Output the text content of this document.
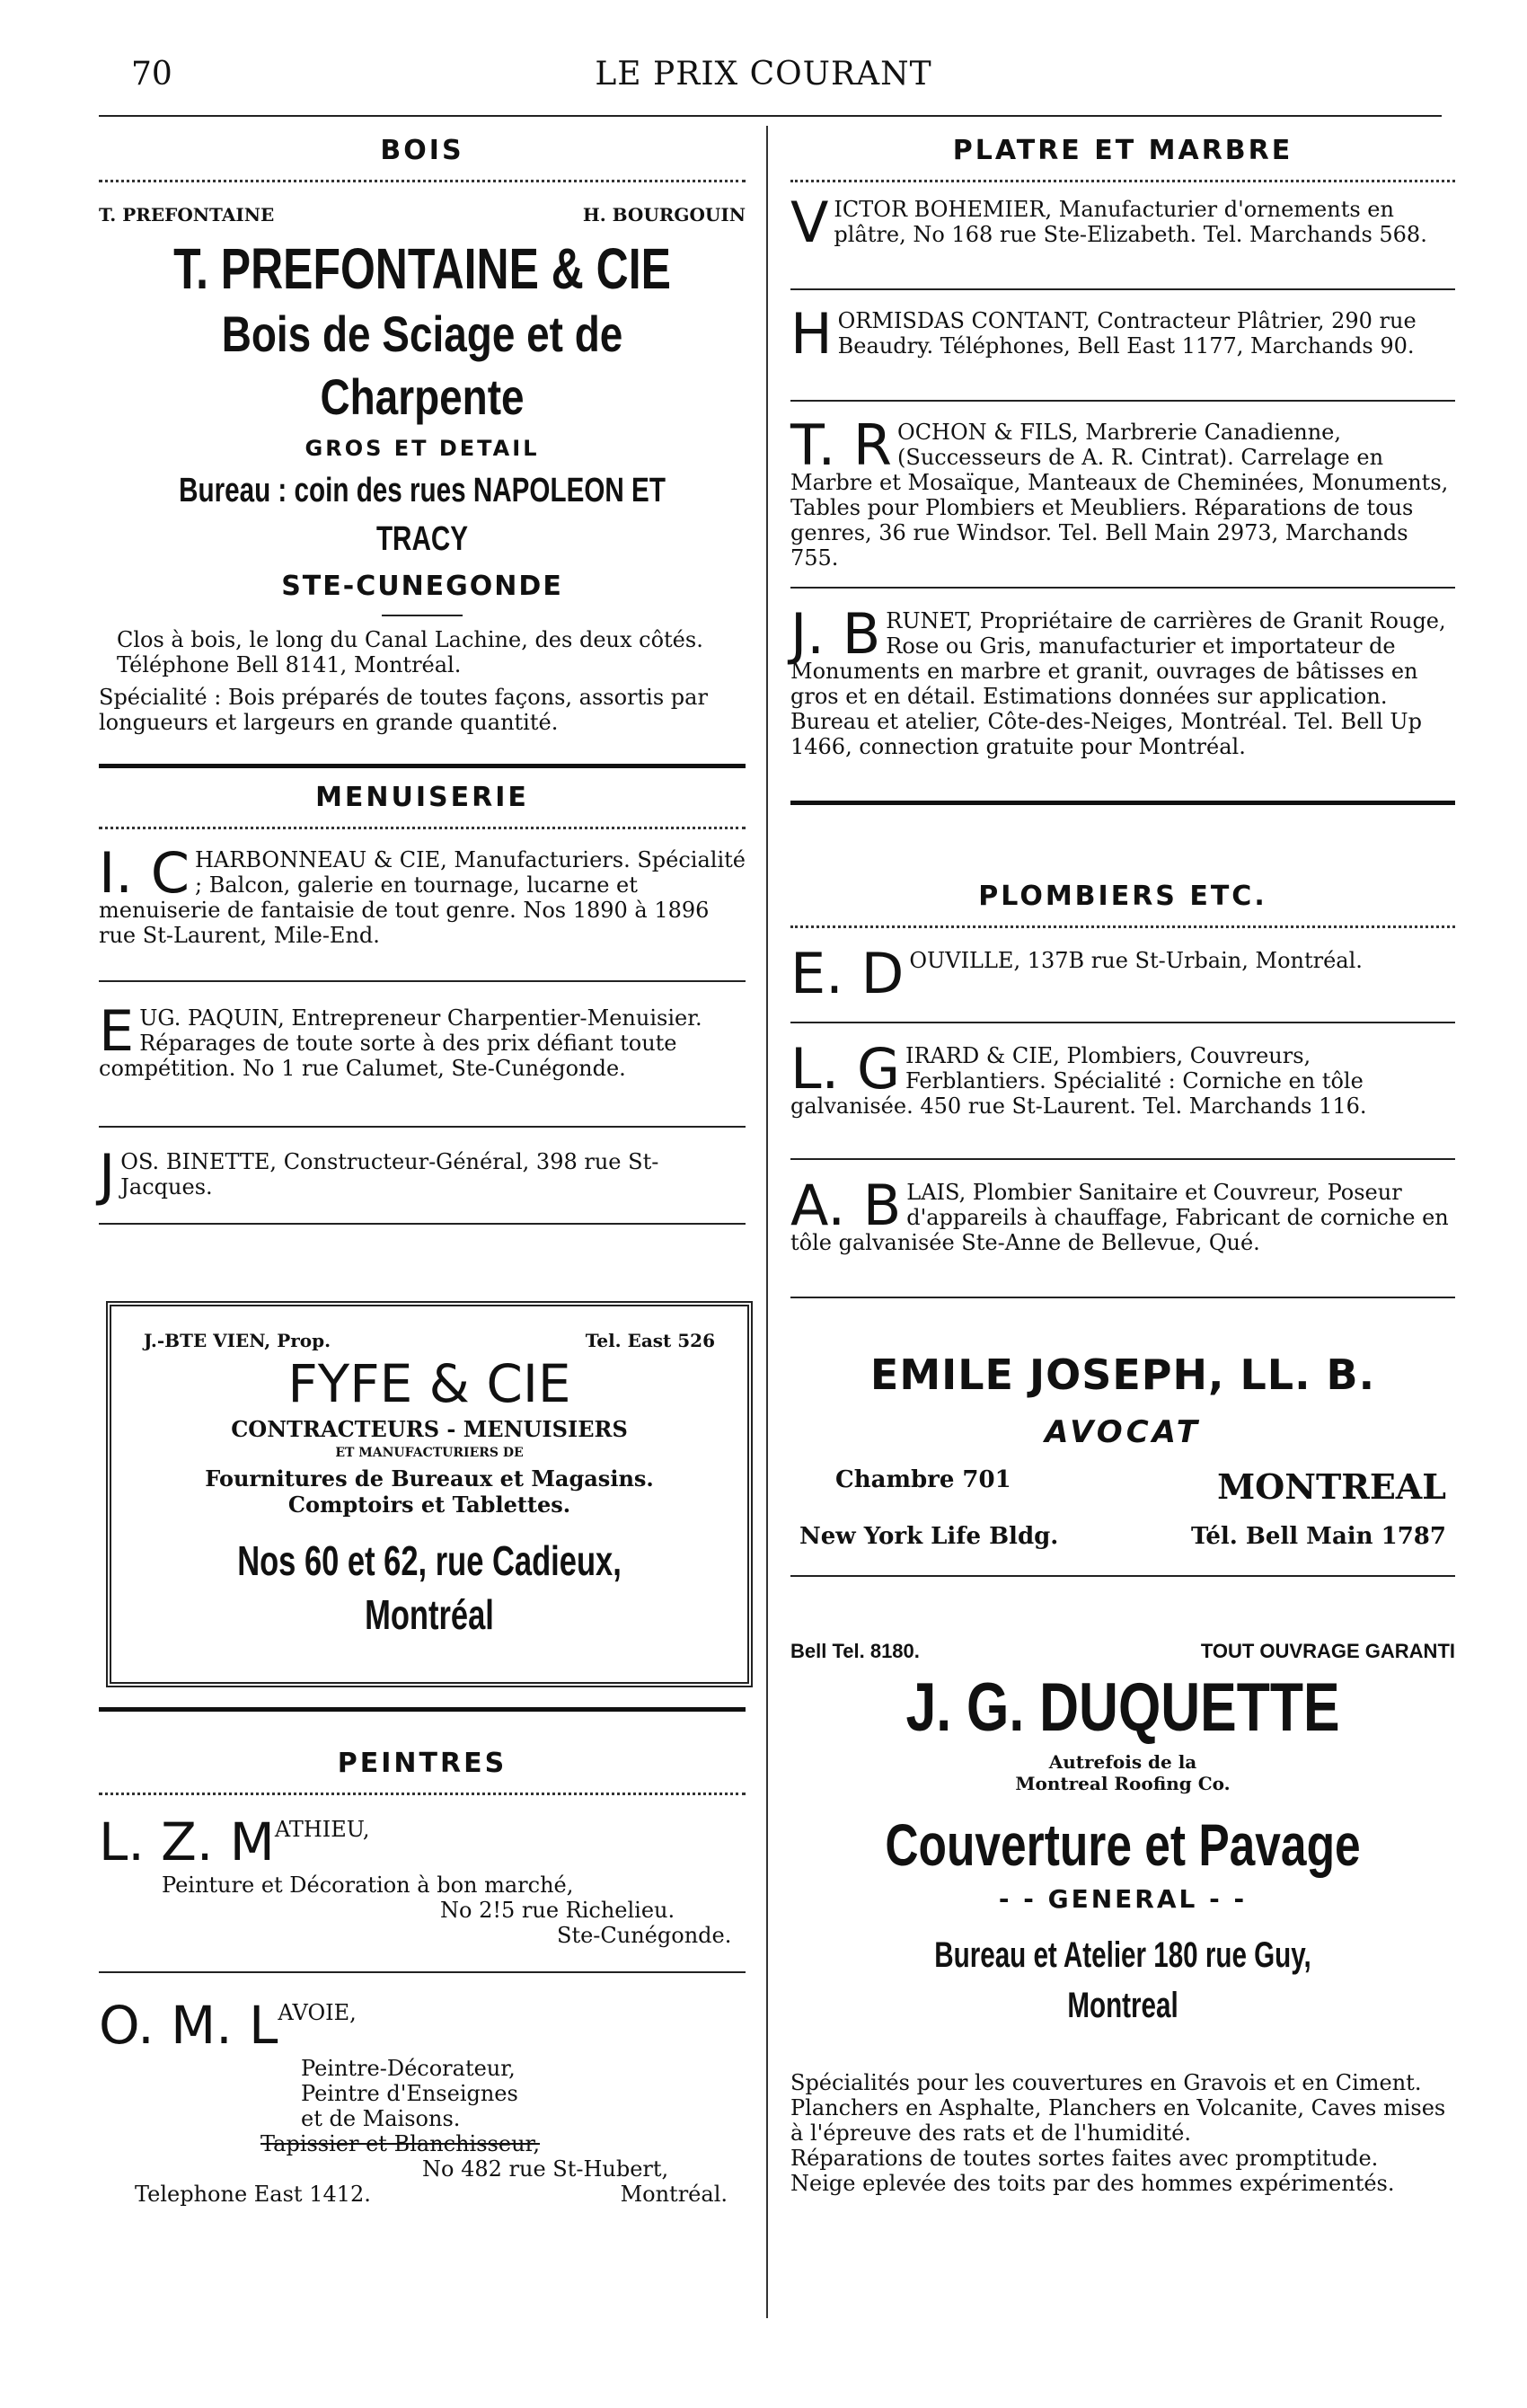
70	LE PRIX COURANT
BOIS
T. PREFONTAINE	H. BOURGOUIN
T. PREFONTAINE & CIE
Bois de Sciage et de Charpente
GROS ET DETAIL
Bureau : coin des rues NAPOLEON ET TRACY
STE-CUNEGONDE
Clos à bois, le long du Canal Lachine, des deux côtés. Téléphone Bell 8141, Montréal.
Spécialité : Bois préparés de toutes façons, assortis par longueurs et largeurs en grande quantité.
MENUISERIE
I. C HARBONNEAU & CIE, Manufacturiers. Spécialité ; Balcon, galerie en tournage, lucarne et menuiserie de fantaisie de tout genre. Nos 1890 à 1896 rue St-Laurent, Mile-End.
E UG. PAQUIN, Entrepreneur Charpentier-Menuisier. Réparages de toute sorte à des prix défiant toute compétition. No 1 rue Calumet, Ste-Cunégonde.
J OS. BINETTE, Constructeur-Général, 398 rue St-Jacques.
J.-BTE VIEN, Prop.	Tel. East 526
FYFE & CIE
CONTRACTEURS - MENUISIERS
ET MANUFACTURIERS DE
Fournitures de Bureaux et Magasins.
Comptoirs et Tablettes.
Nos 60 et 62, rue Cadieux, Montréal
PEINTRES
L. Z. MATHIEU,
Peinture et Décoration à bon marché,
No 2!5 rue Richelieu.
Ste-Cunégonde.
O. M. LAVOIE,
Peintre-Décorateur,
Peintre d'Enseignes
et de Maisons.
Tapissier et Blanchisseur,
No 482 rue St-Hubert,
Telephone East 1412.	Montréal.
PLATRE ET MARBRE
V ICTOR BOHEMIER, Manufacturier d'ornements en plâtre, No 168 rue Ste-Elizabeth. Tel. Marchands 568.
H ORMISDAS CONTANT, Contracteur Plâtrier, 290 rue Beaudry. Téléphones, Bell East 1177, Marchands 90.
T. R OCHON & FILS, Marbrerie Canadienne, (Successeurs de A. R. Cintrat). Carrelage en Marbre et Mosaïque, Manteaux de Cheminées, Monuments, Tables pour Plombiers et Meubliers. Réparations de tous genres, 36 rue Windsor. Tel. Bell Main 2973, Marchands 755.
J. B RUNET, Propriétaire de carrières de Granit Rouge, Rose ou Gris, manufacturier et importateur de Monuments en marbre et granit, ouvrages de bâtisses en gros et en détail. Estimations données sur application. Bureau et atelier, Côte-des-Neiges, Montréal. Tel. Bell Up 1466, connection gratuite pour Montréal.
PLOMBIERS ETC.
E. D OUVILLE, 137B rue St-Urbain, Montréal.
L. G IRARD & CIE, Plombiers, Couvreurs, Ferblantiers. Spécialité : Corniche en tôle galvanisée. 450 rue St-Laurent. Tel. Marchands 116.
A. B LAIS, Plombier Sanitaire et Couvreur, Poseur d'appareils à chauffage, Fabricant de corniche en tôle galvanisée Ste-Anne de Bellevue, Qué.
EMILE JOSEPH, LL. B.
AVOCAT
Chambre 701	MONTREAL
New York Life Bldg.	Tél. Bell Main 1787
Bell Tel. 8180.	TOUT OUVRAGE GARANTI
J. G. DUQUETTE
Autrefois de la
Montreal Roofing Co.
Couverture et Pavage
- - GENERAL - -
Bureau et Atelier 180 rue Guy, Montreal
Spécialités pour les couvertures en Gravois et en Ciment. Planchers en Asphalte, Planchers en Volcanite, Caves mises à l'épreuve des rats et de l'humidité.
Réparations de toutes sortes faites avec promptitude.
Neige eplevée des toits par des hommes expérimentés.
